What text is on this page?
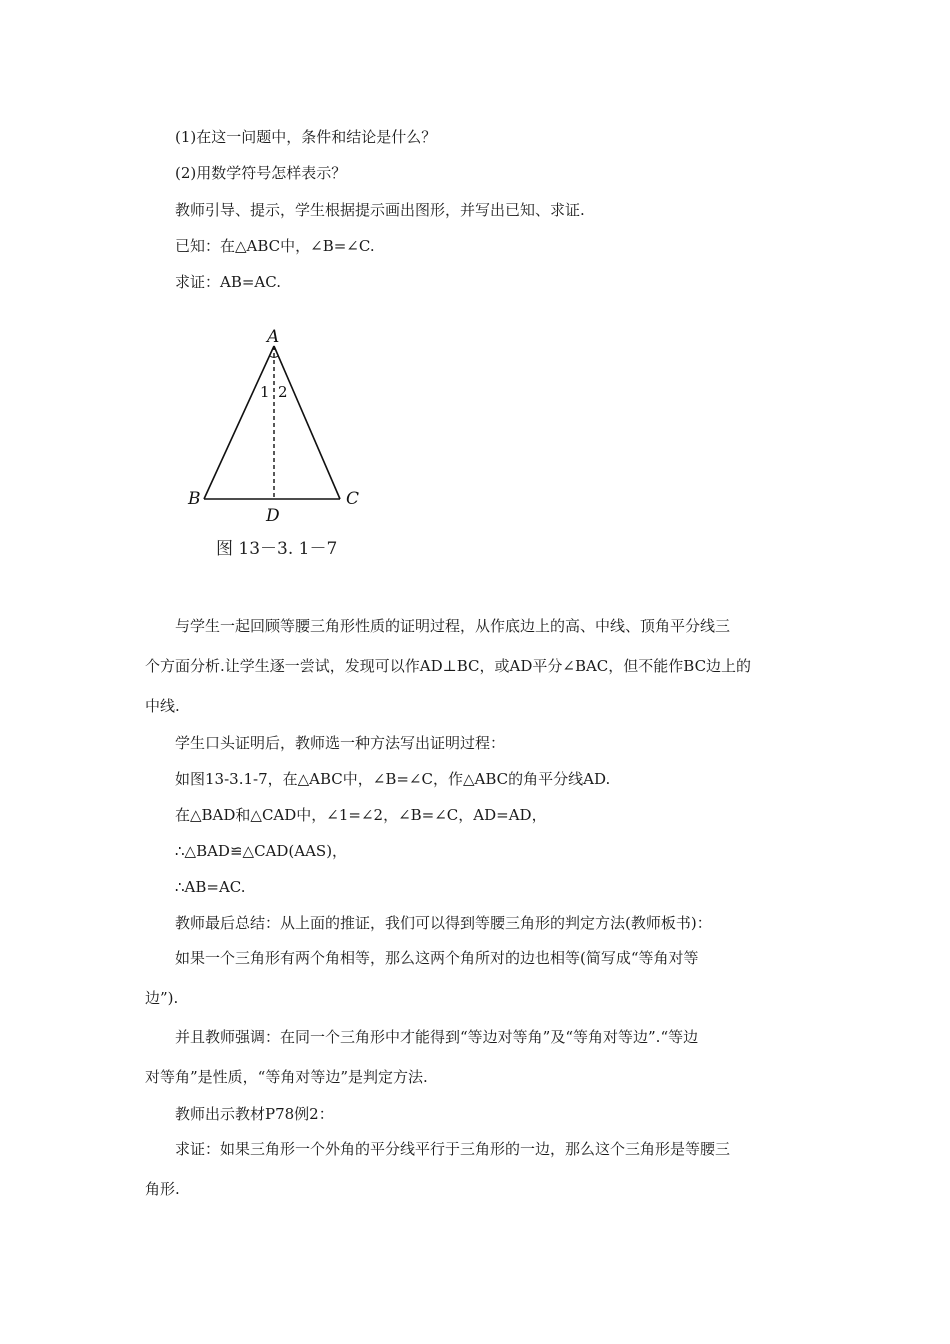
(1)在这一问题中，条件和结论是什么？
(2)用数学符号怎样表示？
教师引导、提示，学生根据提示画出图形，并写出已知、求证.
已知：在△ABC中，∠B=∠C.
求证：AB=AC.
A
B	C
D
1 2
图 13－3. 1－7
与学生一起回顾等腰三角形性质的证明过程，从作底边上的高、中线、顶角平分线三
个方面分析.让学生逐一尝试，发现可以作AD⊥BC，或AD平分∠BAC，但不能作BC边上的
中线.
学生口头证明后，教师选一种方法写出证明过程：
如图13-3.1-7，在△ABC中，∠B=∠C，作△ABC的角平分线AD.
在△BAD和△CAD中，∠1=∠2，∠B=∠C，AD=AD，
∴△BAD≌△CAD(AAS)，
∴AB=AC.
教师最后总结：从上面的推证，我们可以得到等腰三角形的判定方法(教师板书)：
如果一个三角形有两个角相等，那么这两个角所对的边也相等(简写成“等角对等
边”).
并且教师强调：在同一个三角形中才能得到“等边对等角”及“等角对等边”.“等边
对等角”是性质，“等角对等边”是判定方法.
教师出示教材P78例2：
求证：如果三角形一个外角的平分线平行于三角形的一边，那么这个三角形是等腰三
角形.
